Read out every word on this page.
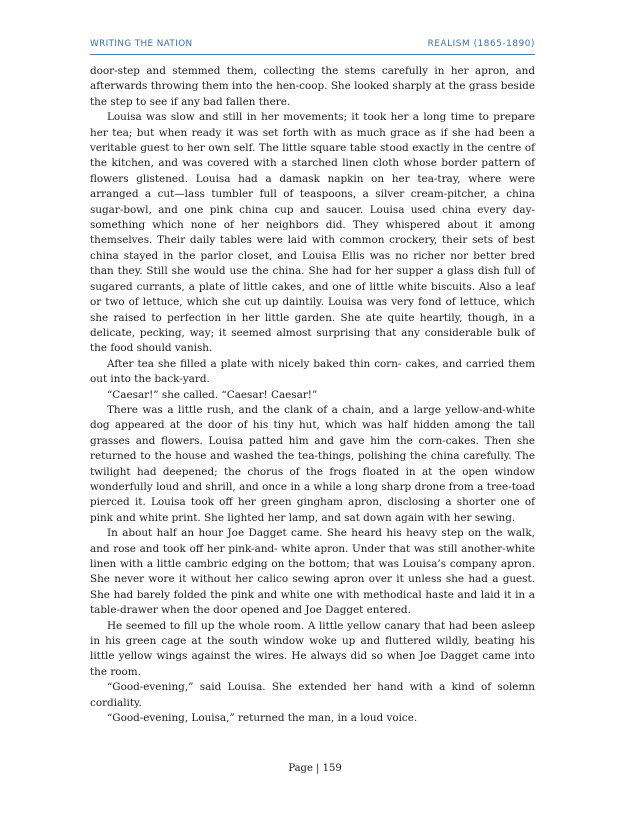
WRITING THE NATION	REALISM (1865-1890)

door-step and stemmed them, collecting the stems carefully in her apron, and afterwards throwing them into the hen-coop. She looked sharply at the grass beside the step to see if any bad fallen there.

Louisa was slow and still in her movements; it took her a long time to prepare her tea; but when ready it was set forth with as much grace as if she had been a veritable guest to her own self. The little square table stood exactly in the centre of the kitchen, and was covered with a starched linen cloth whose border pattern of flowers glistened. Louisa had a damask napkin on her tea-tray, where were arranged a cut—lass tumbler full of teaspoons, a silver cream-pitcher, a china sugar-bowl, and one pink china cup and saucer. Louisa used china every day-something which none of her neighbors did. They whispered about it among themselves. Their daily tables were laid with common crockery, their sets of best china stayed in the parlor closet, and Louisa Ellis was no richer nor better bred than they. Still she would use the china. She had for her supper a glass dish full of sugared currants, a plate of little cakes, and one of little white biscuits. Also a leaf or two of lettuce, which she cut up daintily. Louisa was very fond of lettuce, which she raised to perfection in her little garden. She ate quite heartily, though, in a delicate, pecking, way; it seemed almost surprising that any considerable bulk of the food should vanish.

After tea she filled a plate with nicely baked thin corn- cakes, and carried them out into the back-yard.

“Caesar!” she called. “Caesar! Caesar!”

There was a little rush, and the clank of a chain, and a large yellow-and-white dog appeared at the door of his tiny hut, which was half hidden among the tall grasses and flowers. Louisa patted him and gave him the corn-cakes. Then she returned to the house and washed the tea-things, polishing the china carefully. The twilight had deepened; the chorus of the frogs floated in at the open window wonderfully loud and shrill, and once in a while a long sharp drone from a tree-toad pierced it. Louisa took off her green gingham apron, disclosing a shorter one of pink and white print. She lighted her lamp, and sat down again with her sewing.

In about half an hour Joe Dagget came. She heard his heavy step on the walk, and rose and took off her pink-and- white apron. Under that was still another-white linen with a little cambric edging on the bottom; that was Louisa’s company apron. She never wore it without her calico sewing apron over it unless she had a guest. She had barely folded the pink and white one with methodical haste and laid it in a table-drawer when the door opened and Joe Dagget entered.

He seemed to fill up the whole room. A little yellow canary that had been asleep in his green cage at the south window woke up and fluttered wildly, beating his little yellow wings against the wires. He always did so when Joe Dagget came into the room.

“Good-evening,” said Louisa. She extended her hand with a kind of solemn cordiality.

“Good-evening, Louisa,” returned the man, in a loud voice.

Page | 159
